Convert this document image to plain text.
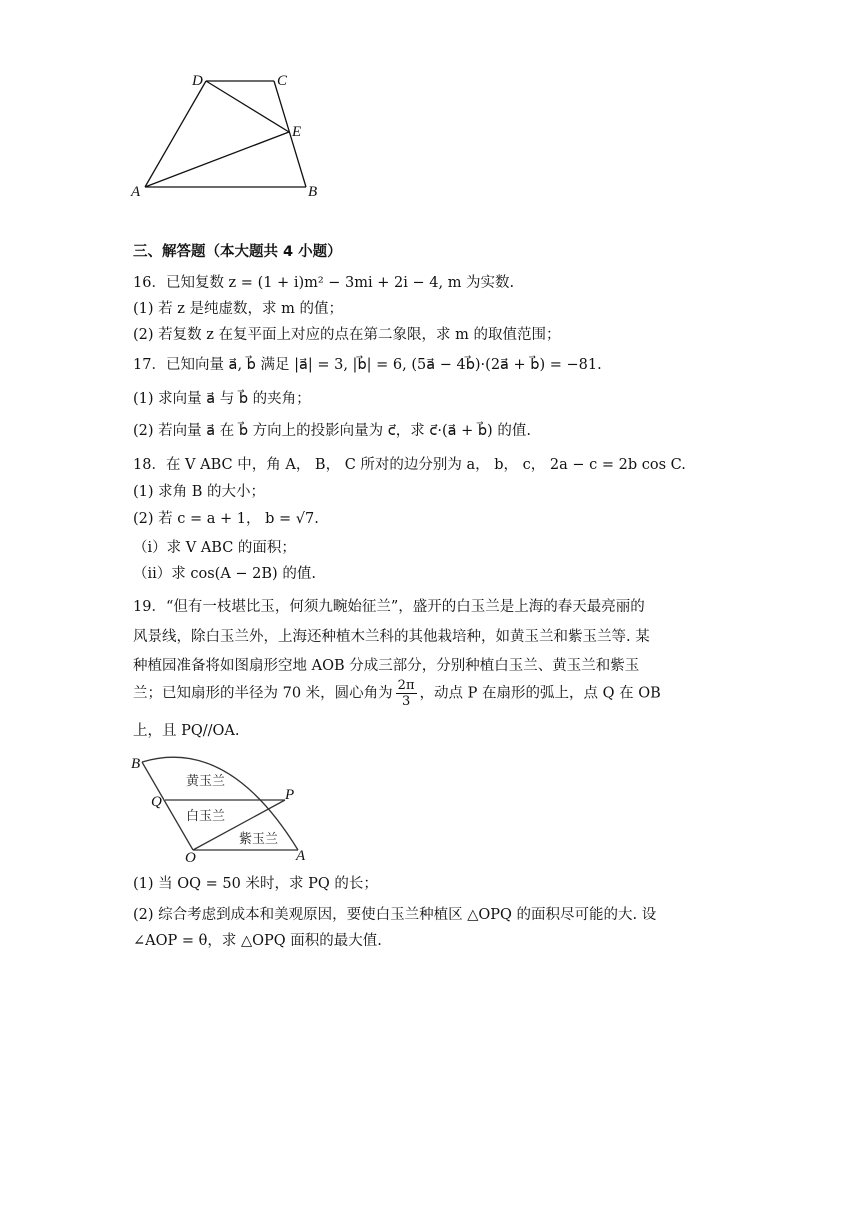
D	C
E
A	B
三、解答题（本大题共 4 小题）
16．已知复数 z = (1 + i)m² − 3mi + 2i − 4, m 为实数.
(1) 若 z 是纯虚数，求 m 的值；
(2) 若复数 z 在复平面上对应的点在第二象限，求 m 的取值范围；
17．已知向量 a⃗, b⃗ 满足 |a⃗| = 3, |b⃗| = 6, (5a⃗ − 4b⃗)·(2a⃗ + b⃗) = −81.
(1) 求向量 a⃗ 与 b⃗ 的夹角；
(2) 若向量 a⃗ 在 b⃗ 方向上的投影向量为 c⃗，求 c⃗·(a⃗ + b⃗) 的值.
18．在 V ABC 中，角 A， B， C 所对的边分别为 a， b， c， 2a − c = 2b cos C.
(1) 求角 B 的大小；
(2) 若 c = a + 1， b = √7.
（ⅰ）求 V ABC 的面积；
（ⅱ）求 cos(A − 2B) 的值.
19．“但有一枝堪比玉，何须九畹始征兰”，盛开的白玉兰是上海的春天最亮丽的
风景线，除白玉兰外，上海还种植木兰科的其他栽培种，如黄玉兰和紫玉兰等. 某
种植园准备将如图扇形空地 AOB 分成三部分，分别种植白玉兰、黄玉兰和紫玉
兰；已知扇形的半径为 70 米，圆心角为 $\frac{2\pi}{3}$ ，动点 P 在扇形的弧上，点 Q 在 OB
上，且 PQ//OA.
B
Q	P
O	A
黄玉兰
白玉兰
紫玉兰
(1) 当 OQ = 50 米时，求 PQ 的长；
(2) 综合考虑到成本和美观原因，要使白玉兰种植区 △OPQ 的面积尽可能的大. 设
∠AOP = θ，求 △OPQ 面积的最大值.
